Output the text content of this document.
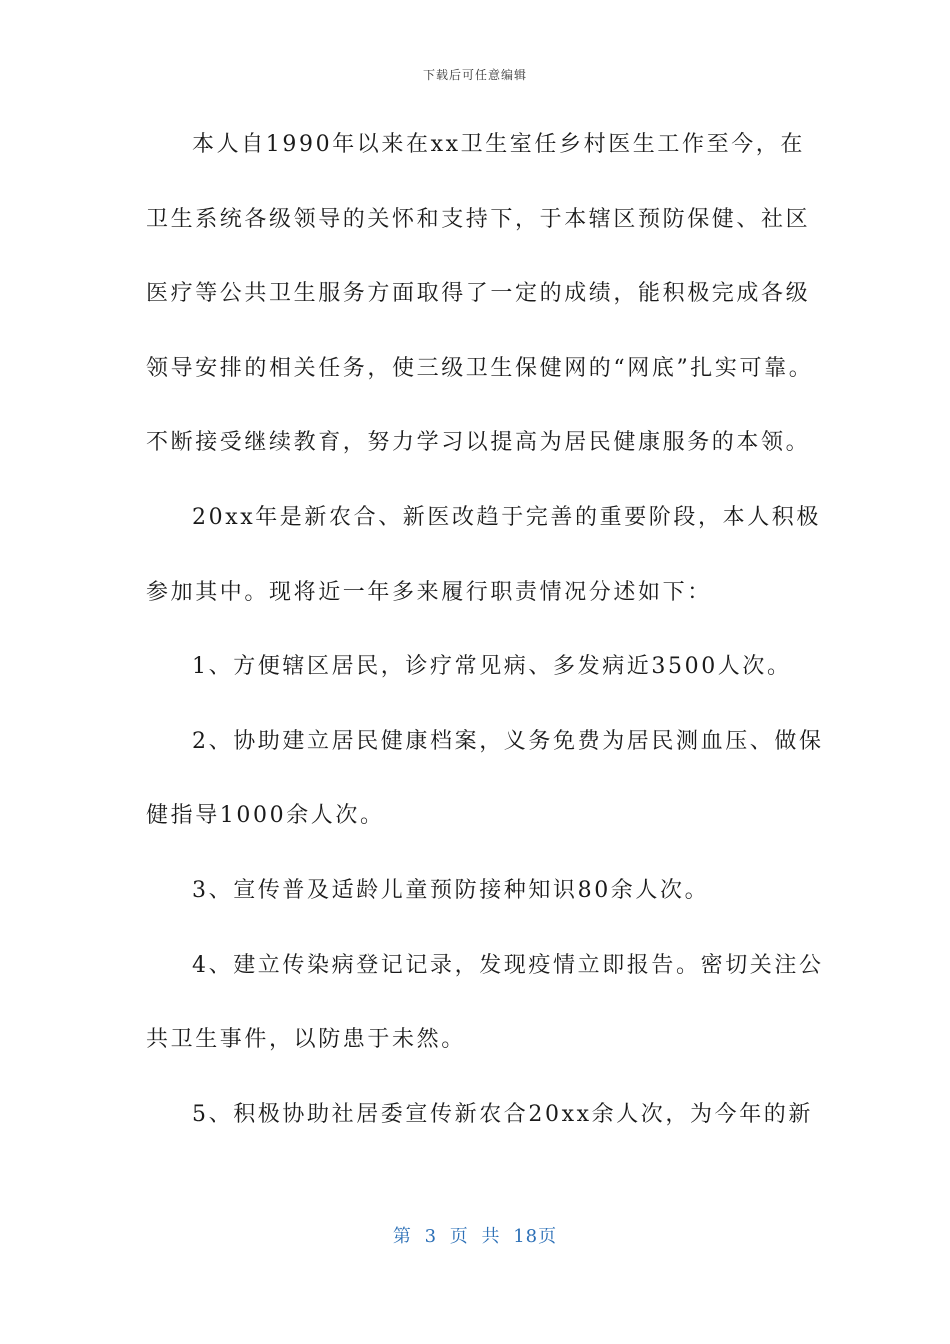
下载后可任意编辑
本人自1990年以来在xx卫生室任乡村医生工作至今，在
卫生系统各级领导的关怀和支持下，于本辖区预防保健、社区
医疗等公共卫生服务方面取得了一定的成绩，能积极完成各级
领导安排的相关任务，使三级卫生保健网的“网底”扎实可靠。
不断接受继续教育，努力学习以提高为居民健康服务的本领。
20xx年是新农合、新医改趋于完善的重要阶段，本人积极
参加其中。现将近一年多来履行职责情况分述如下：
1、方便辖区居民，诊疗常见病、多发病近3500人次。
2、协助建立居民健康档案，义务免费为居民测血压、做保
健指导1000余人次。
3、宣传普及适龄儿童预防接种知识80余人次。
4、建立传染病登记记录，发现疫情立即报告。密切关注公
共卫生事件，以防患于未然。
5、积极协助社居委宣传新农合20xx余人次，为今年的新
第 3 页 共 18页
